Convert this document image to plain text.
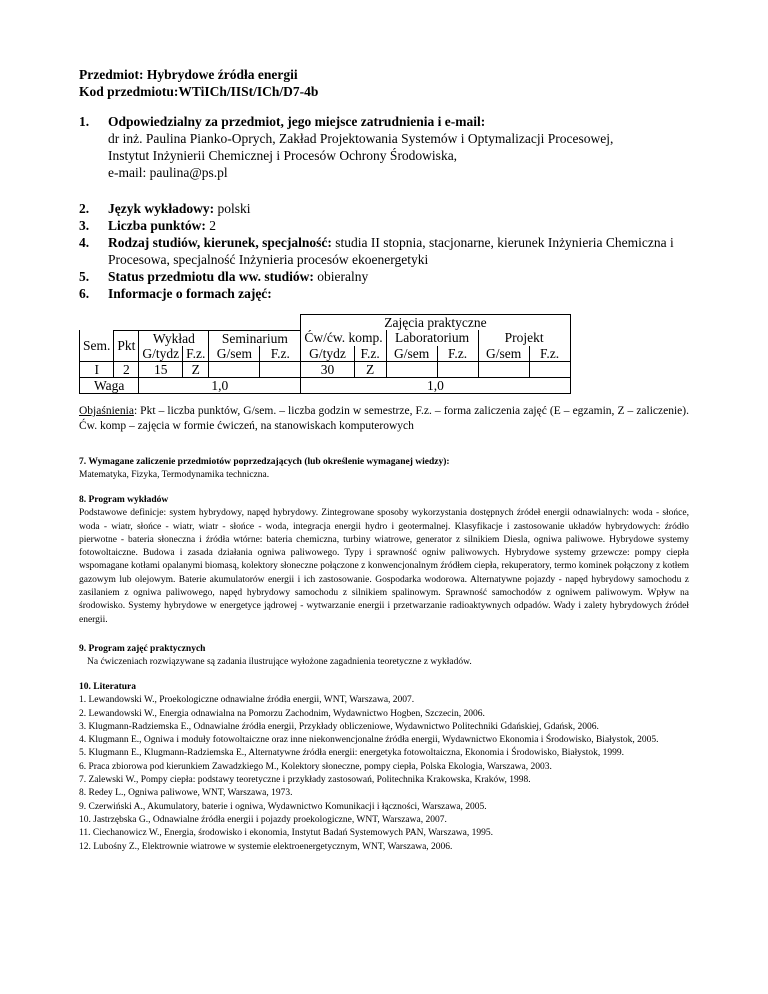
Przedmiot: Hybrydowe źródła energii
Kod przedmiotu:WTiICh/IISt/ICh/D7-4b
1. Odpowiedzialny za przedmiot, jego miejsce zatrudnienia i e-mail:
dr inż. Paulina Pianko-Oprych, Zakład Projektowania Systemów i Optymalizacji Procesowej,
Instytut Inżynierii Chemicznej i Procesów Ochrony Środowiska,
e-mail: paulina@ps.pl
2. Język wykładowy: polski
3. Liczba punktów: 2
4. Rodzaj studiów, kierunek, specjalność: studia II stopnia, stacjonarne, kierunek Inżynieria Chemiczna i Procesowa, specjalność Inżynieria procesów ekoenergetyki
5. Status przedmiotu dla ww. studiów: obieralny
6. Informacje o formach zajęć:
						Zajęcia praktyczne					
Sem.	Pkt	Wykład		Seminarium		Ćw/ćw. komp.		Laboratorium		Projekt	
		G/tydz	F.z.	G/sem	F.z.	G/tydz	F.z.	G/sem	F.z.	G/sem	F.z.
I	2	15	Z			30	Z				
Waga		1,0				1,0					
Objaśnienia: Pkt – liczba punktów, G/sem. – liczba godzin w semestrze, F.z. – forma zaliczenia zajęć (E – egzamin, Z – zaliczenie). Ćw. komp – zajęcia w formie ćwiczeń, na stanowiskach komputerowych
7. Wymagane zaliczenie przedmiotów poprzedzających (lub określenie wymaganej wiedzy):

Matematyka, Fizyka, Termodynamika techniczna.

8. Program wykładów

Podstawowe definicje: system hybrydowy, napęd hybrydowy. Zintegrowane sposoby wykorzystania dostępnych źródeł energii odnawialnych: woda - słońce, woda - wiatr, słońce - wiatr, wiatr - słońce - woda, integracja energii hydro i geotermalnej. Klasyfikacje i zastosowanie układów hybrydowych: źródło pierwotne - bateria słoneczna i źródła wtórne: bateria chemiczna, turbiny wiatrowe, generator z silnikiem Diesla, ogniwa paliwowe. Hybrydowe systemy fotowoltaiczne. Budowa i zasada działania ogniwa paliwowego. Typy i sprawność ogniw paliwowych. Hybrydowe systemy grzewcze: pompy ciepła wspomagane kotłami opalanymi biomasą, kolektory słoneczne połączone z konwencjonalnym źródłem ciepła, rekuperatory, termo kominek połączony z kotłem gazowym lub olejowym. Baterie akumulatorów energii i ich zastosowanie. Gospodarka wodorowa. Alternatywne pojazdy - napęd hybrydowy samochodu z zasilaniem z ogniwa paliwowego, napęd hybrydowy samochodu z silnikiem spalinowym. Sprawność samochodów z ogniwem paliwowym. Wpływ na środowisko. Systemy hybrydowe w energetyce jądrowej - wytwarzanie energii i przetwarzanie radioaktywnych odpadów. Wady i zalety hybrydowych źródeł energii.

9. Program zajęć praktycznych

Na ćwiczeniach rozwiązywane są zadania ilustrujące wyłożone zagadnienia teoretyczne z wykładów.

10. Literatura
1. Lewandowski W., Proekologiczne odnawialne źródła energii, WNT, Warszawa, 2007.
2. Lewandowski W., Energia odnawialna na Pomorzu Zachodnim, Wydawnictwo Hogben, Szczecin, 2006.
3. Klugmann-Radziemska E., Odnawialne źródła energii, Przykłady obliczeniowe, Wydawnictwo Politechniki Gdańskiej, Gdańsk, 2006.
4. Klugmann E., Ogniwa i moduły fotowoltaiczne oraz inne niekonwencjonalne źródła energii, Wydawnictwo Ekonomia i Środowisko, Białystok, 2005.
5. Klugmann E., Klugmann-Radziemska E., Alternatywne źródła energii: energetyka fotowoltaiczna, Ekonomia i Środowisko, Białystok, 1999.
6. Praca zbiorowa pod kierunkiem Zawadzkiego M., Kolektory słoneczne, pompy ciepła, Polska Ekologia, Warszawa, 2003.
7. Zalewski W., Pompy ciepła: podstawy teoretyczne i przykłady zastosowań, Politechnika Krakowska, Kraków, 1998.
8. Redey L., Ogniwa paliwowe, WNT, Warszawa, 1973.
9. Czerwiński A., Akumulatory, baterie i ogniwa, Wydawnictwo Komunikacji i łączności, Warszawa, 2005.
10. Jastrzębska G., Odnawialne źródła energii i pojazdy proekologiczne, WNT, Warszawa, 2007.
11. Ciechanowicz W., Energia, środowisko i ekonomia, Instytut Badań Systemowych PAN, Warszawa, 1995.
12. Lubośny Z., Elektrownie wiatrowe w systemie elektroenergetycznym, WNT, Warszawa, 2006.
